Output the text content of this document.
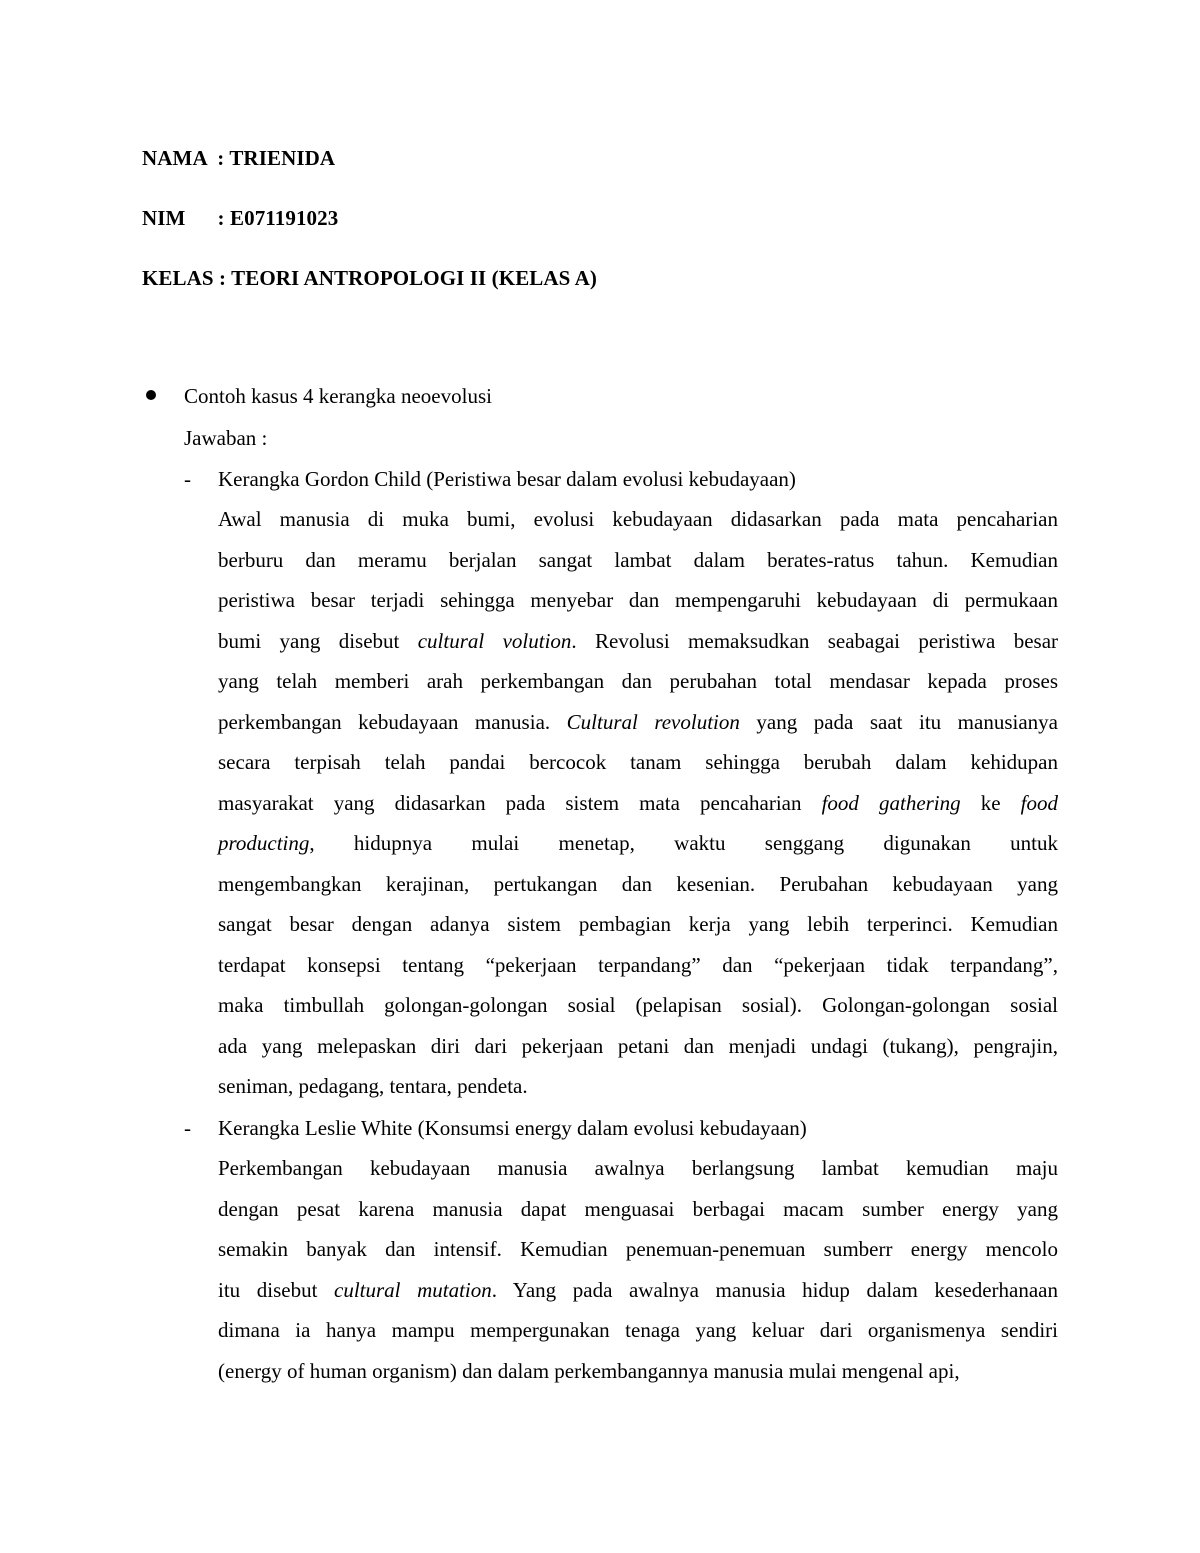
NAMA  : TRIENIDA
NIM      : E071191023
KELAS : TEORI ANTROPOLOGI II (KELAS A)
Contoh kasus 4 kerangka neoevolusi
Jawaban :
- Kerangka Gordon Child (Peristiwa besar dalam evolusi kebudayaan)
Awal manusia di muka bumi, evolusi kebudayaan didasarkan pada mata pencaharian
berburu dan meramu berjalan sangat lambat dalam berates-ratus tahun. Kemudian
peristiwa besar terjadi sehingga menyebar dan mempengaruhi kebudayaan di permukaan
bumi yang disebut cultural volution. Revolusi memaksudkan seabagai peristiwa besar
yang telah memberi arah perkembangan dan perubahan total mendasar kepada proses
perkembangan kebudayaan manusia. Cultural revolution yang pada saat itu manusianya
secara terpisah telah pandai bercocok tanam sehingga berubah dalam kehidupan
masyarakat yang didasarkan pada sistem mata pencaharian food gathering ke food
producting, hidupnya mulai menetap, waktu senggang digunakan untuk
mengembangkan kerajinan, pertukangan dan kesenian. Perubahan kebudayaan yang
sangat besar dengan adanya sistem pembagian kerja yang lebih terperinci. Kemudian
terdapat konsepsi tentang “pekerjaan terpandang” dan “pekerjaan tidak terpandang”,
maka timbullah golongan-golongan sosial (pelapisan sosial). Golongan-golongan sosial
ada yang melepaskan diri dari pekerjaan petani dan menjadi undagi (tukang), pengrajin,
seniman, pedagang, tentara, pendeta.
- Kerangka Leslie White (Konsumsi energy dalam evolusi kebudayaan)
Perkembangan kebudayaan manusia awalnya berlangsung lambat kemudian maju
dengan pesat karena manusia dapat menguasai berbagai macam sumber energy yang
semakin banyak dan intensif. Kemudian penemuan-penemuan sumberr energy mencolo
itu disebut cultural mutation. Yang pada awalnya manusia hidup dalam kesederhanaan
dimana ia hanya mampu mempergunakan tenaga yang keluar dari organismenya sendiri
(energy of human organism) dan dalam perkembangannya manusia mulai mengenal api,
